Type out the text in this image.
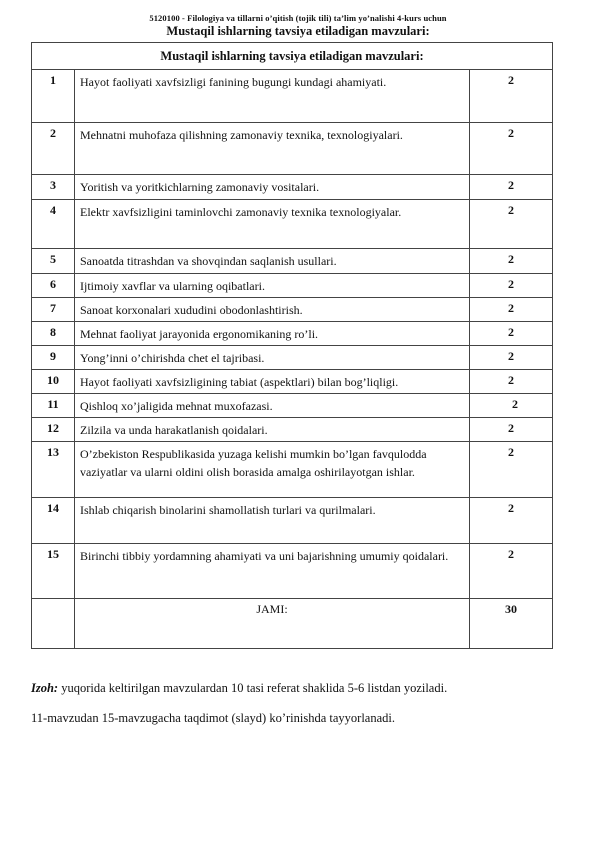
5120100 - Filologiya va tillarni o’qitish (tojik tili) ta’lim yo’nalishi 4-kurs uchun
Mustaqil ishlarning tavsiya etiladigan mavzulari:
Mustaqil ishlarning tavsiya etiladigan mavzulari:		
1	Hayot faoliyati xavfsizligi fanining bugungi kundagi ahamiyati.	2
2	Mehnatni muhofaza qilishning zamonaviy texnika, texnologiyalari.	2
3	Yoritish va yoritkichlarning zamonaviy vositalari.	2
4	Elektr xavfsizligini taminlovchi zamonaviy texnika texnologiyalar.	2
5	Sanoatda titrashdan va shovqindan saqlanish usullari.	2
6	Ijtimoiy xavflar va ularning oqibatlari.	2
7	Sanoat korxonalari xududini obodonlashtirish.	2
8	Mehnat faoliyat jarayonida ergonomikaning ro’li.	2
9	Yong’inni o’chirishda chet el tajribasi.	2
10	Hayot faoliyati xavfsizligining tabiat (aspektlari) bilan bog’liqligi.	2
11	Qishloq xo’jaligida mehnat muxofazasi.	2
12	Zilzila va unda harakatlanish qoidalari.	2
13	O’zbekiston Respublikasida yuzaga kelishi mumkin bo’lgan favqulodda vaziyatlar va ularni oldini olish borasida amalga oshirilayotgan ishlar.	2
14	Ishlab chiqarish binolarini shamollatish turlari va qurilmalari.	2
15	Birinchi tibbiy yordamning ahamiyati va uni bajarishning umumiy qoidalari.	2
	JAMI:	30
Izoh: yuqorida keltirilgan mavzulardan 10 tasi referat shaklida 5-6 listdan yoziladi.
11-mavzudan 15-mavzugacha taqdimot (slayd) ko’rinishda tayyorlanadi.
